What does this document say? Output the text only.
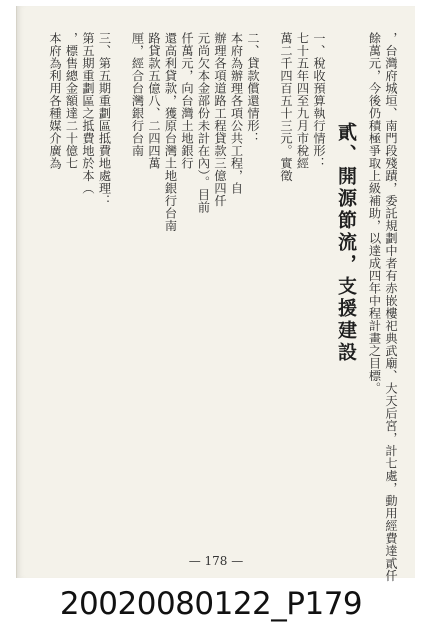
，台灣府城垣、南門段殘蹟，委託規劃中者有赤嵌樓祀典武廟、大天后宮，計七處，動用經費達貳仟
餘萬元，今後仍積極爭取上級補助，以達成四年中程計畫之目標。
貳、開源節流，支援建設
一、稅收預算執行情形：
七十五年四至九月市稅經
萬二千四百五十三元。實徵
二、貸款償還情形：
本府為辦理各項公共工程，自
辦理各項道路工程貸款三億四仟
元尚欠本金部份未計在內）。目前
仟萬元，向台灣土地銀行
還高利貸款，獲原台灣土地銀行台南
路貸款五億八、二四四萬
厘，經合台灣銀行台南
三、第五期重劃區抵費地處理：
第五期重劃區之抵費地於本（
，標售總金額達二十億七
本府為利用各種媒介廣為
— 178 —
20020080122_P179
